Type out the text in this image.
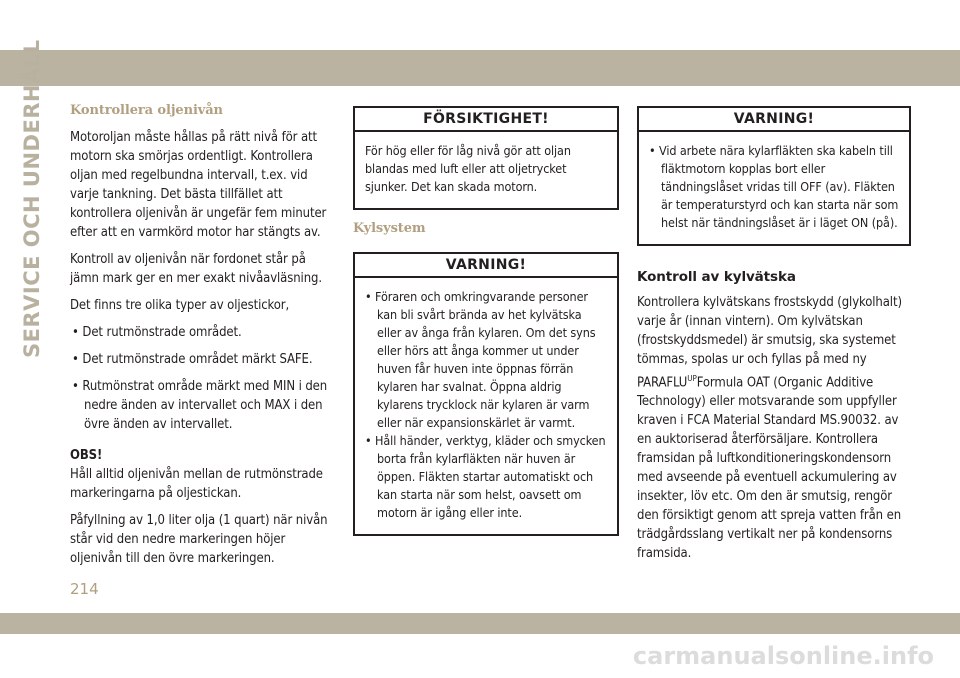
SERVICE OCH UNDERHÅLL Kontrollera oljenivån

Motoroljan måste hållas på rätt nivå för att motorn ska smörjas ordentligt. Kontrollera oljan med regelbundna intervall, t.ex. vid varje tankning. Det bästa tillfället att kontrollera oljenivån är ungefär fem minuter efter att en varmkörd motor har stängts av.

Kontroll av oljenivån när fordonet står på jämn mark ger en mer exakt nivåavläsning.

Det finns tre olika typer av oljestickor,

• Det rutmönstrade området.

• Det rutmönstrade området märkt SAFE.

• Rutmönstrat område märkt med MIN i den nedre änden av intervallet och MAX i den övre änden av intervallet.

OBS!

Håll alltid oljenivån mellan de rutmönstrade markeringarna på oljestickan.

Påfyllning av 1,0 liter olja (1 quart) när nivån står vid den nedre markeringen höjer oljenivån till den övre markeringen.

FÖRSIKTIGHET!

För hög eller för låg nivå gör att oljan blandas med luft eller att oljetrycket sjunker. Det kan skada motorn.

Kylsystem
VARNING!

• Föraren och omkringvarande personer kan bli svårt brända av het kylvätska eller av ånga från kylaren. Om det syns eller hörs att ånga kommer ut under huven får huven inte öppnas förrän kylaren har svalnat. Öppna aldrig kylarens trycklock när kylaren är varm eller när expansionskärlet är varmt.

• Håll händer, verktyg, kläder och smycken borta från kylarfläkten när huven är öppen. Fläkten startar automatiskt och kan starta när som helst, oavsett om motorn är igång eller inte.

VARNING!

• Vid arbete nära kylarfläkten ska kabeln till fläktmotorn kopplas bort eller tändningslåset vridas till OFF (av). Fläkten är temperaturstyrd och kan starta när som helst när tändningslåset är i läget ON (på).

Kontroll av kylvätska

Kontrollera kylvätskans frostskydd (glykolhalt) varje år (innan vintern). Om kylvätskan (frostskyddsmedel) är smutsig, ska systemet tömmas, spolas ur och fyllas på med ny $PARAFLU^{UP}Formula$ OAT (Organic Additive Technology) eller motsvarande som uppfyller kraven i FCA Material Standard MS.90032. av en auktoriserad återförsäljare. Kontrollera framsidan på luftkonditioneringskondensorn med avseende på eventuell ackumulering av insekter, löv etc. Om den är smutsig, rengör den försiktigt genom att spreja vatten från en trädgårdsslang vertikalt ner på kondensorns framsida.

214
carmanualsonline.info
